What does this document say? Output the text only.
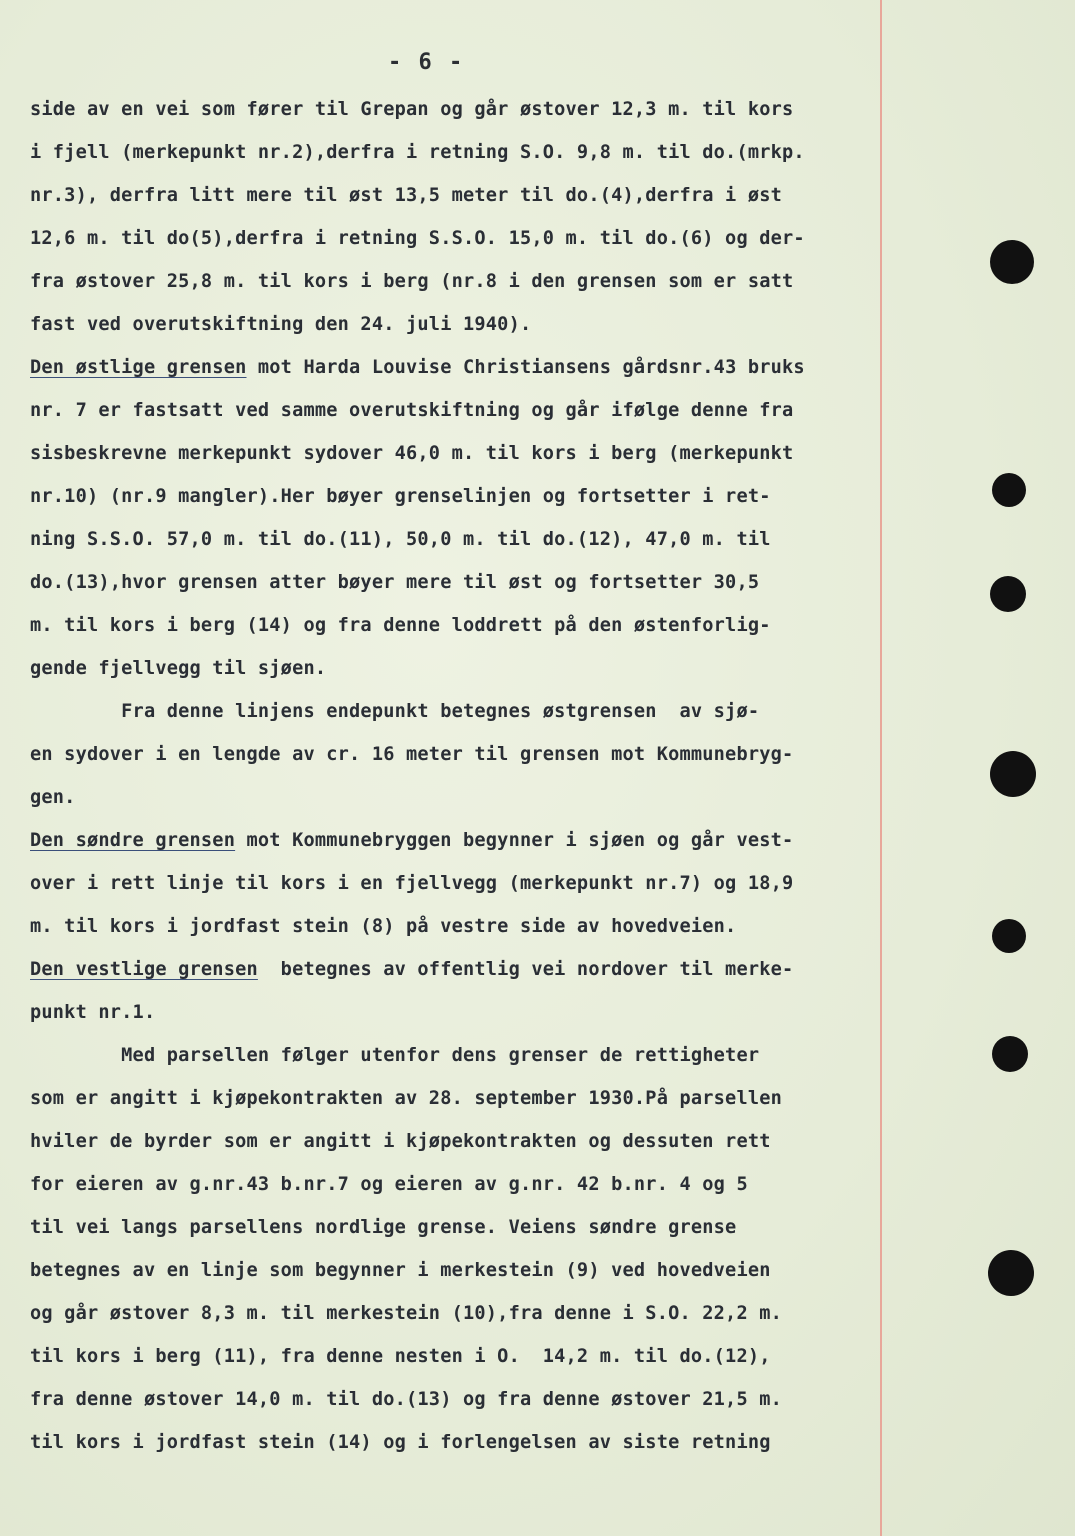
- 6 -
side av en vei som fører til Grepan og går østover 12,3 m. til kors
i fjell (merkepunkt nr.2),derfra i retning S.O. 9,8 m. til do.(mrkp.
nr.3), derfra litt mere til øst 13,5 meter til do.(4),derfra i øst
12,6 m. til do(5),derfra i retning S.S.O. 15,0 m. til do.(6) og der-
fra østover 25,8 m. til kors i berg (nr.8 i den grensen som er satt
fast ved overutskiftning den 24. juli 1940).
Den østlige grensen mot Harda Louvise Christiansens gårdsnr.43 bruks
nr. 7 er fastsatt ved samme overutskiftning og går ifølge denne fra
sisbeskrevne merkepunkt sydover 46,0 m. til kors i berg (merkepunkt
nr.10) (nr.9 mangler).Her bøyer grenselinjen og fortsetter i ret-
ning S.S.O. 57,0 m. til do.(11), 50,0 m. til do.(12), 47,0 m. til
do.(13),hvor grensen atter bøyer mere til øst og fortsetter 30,5
m. til kors i berg (14) og fra denne loddrett på den østenforlig-
gende fjellvegg til sjøen.
Fra denne linjens endepunkt betegnes østgrensen  av sjø-
en sydover i en lengde av cr. 16 meter til grensen mot Kommunebryg-
gen.
Den søndre grensen mot Kommunebryggen begynner i sjøen og går vest-
over i rett linje til kors i en fjellvegg (merkepunkt nr.7) og 18,9
m. til kors i jordfast stein (8) på vestre side av hovedveien.
Den vestlige grensen  betegnes av offentlig vei nordover til merke-
punkt nr.1.
Med parsellen følger utenfor dens grenser de rettigheter
som er angitt i kjøpekontrakten av 28. september 1930.På parsellen
hviler de byrder som er angitt i kjøpekontrakten og dessuten rett
for eieren av g.nr.43 b.nr.7 og eieren av g.nr. 42 b.nr. 4 og 5
til vei langs parsellens nordlige grense. Veiens søndre grense
betegnes av en linje som begynner i merkestein (9) ved hovedveien
og går østover 8,3 m. til merkestein (10),fra denne i S.O. 22,2 m.
til kors i berg (11), fra denne nesten i O.  14,2 m. til do.(12),
fra denne østover 14,0 m. til do.(13) og fra denne østover 21,5 m.
til kors i jordfast stein (14) og i forlengelsen av siste retning
